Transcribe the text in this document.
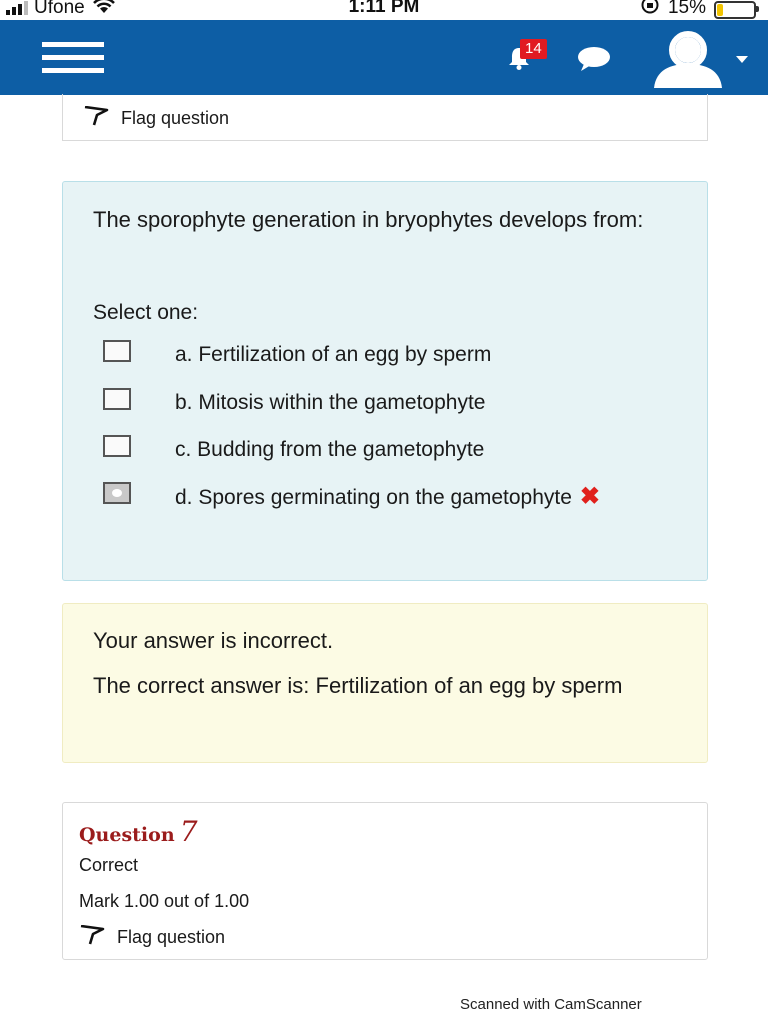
Ufone	1:11 PM	15%
14
Flag question
The sporophyte generation in bryophytes develops from:
Select one:
a. Fertilization of an egg by sperm
b. Mitosis within the gametophyte
c. Budding from the gametophyte
d. Spores germinating on the gametophyte ✖
Your answer is incorrect.
The correct answer is: Fertilization of an egg by sperm
Question 7
Correct
Mark 1.00 out of 1.00
Flag question
Scanned with CamScanner
